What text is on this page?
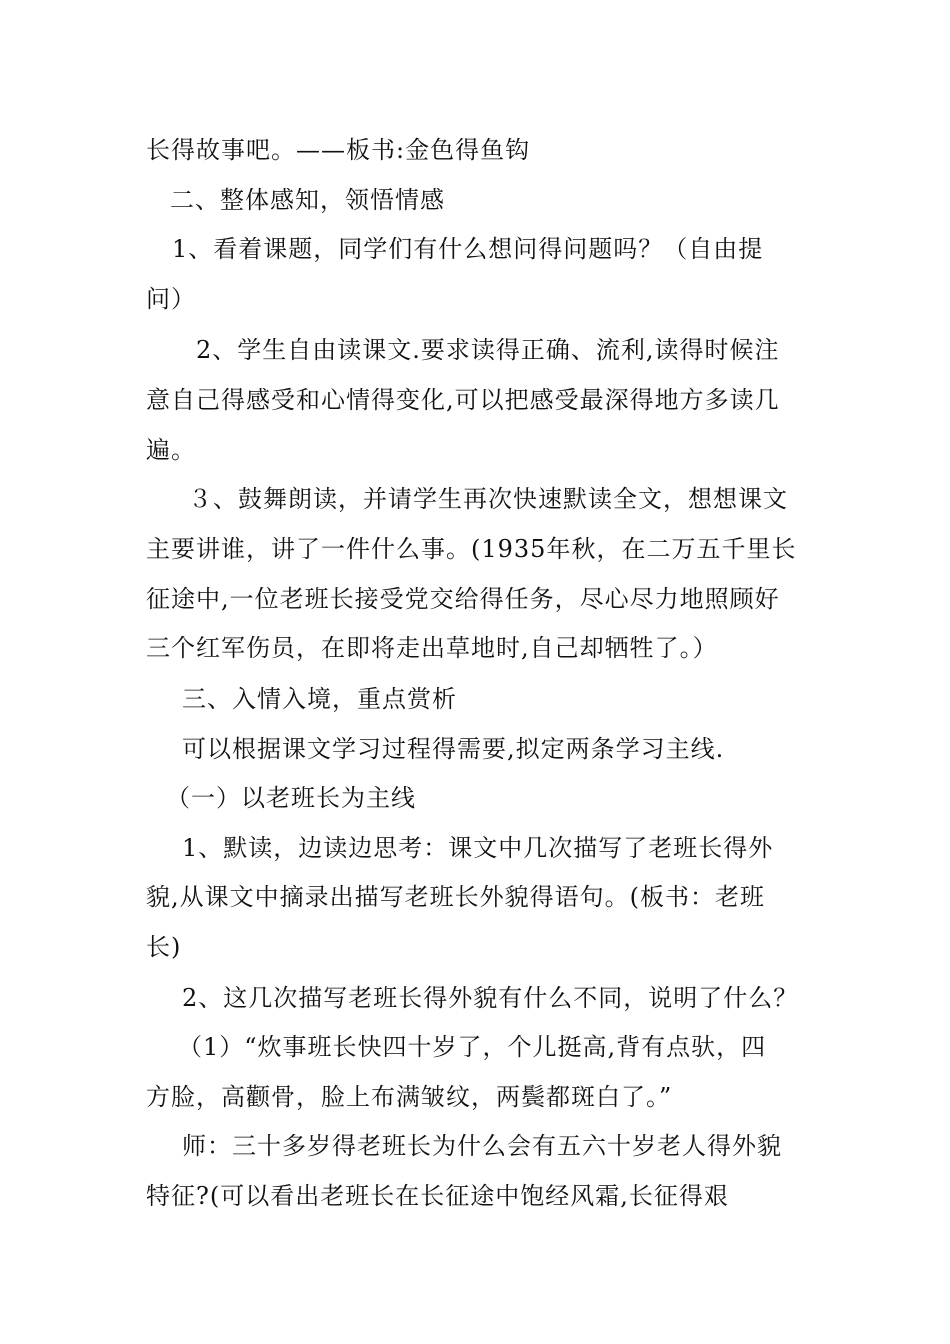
长得故事吧。——板书:金色得鱼钩
二、整体感知，领悟情感
1、看着课题，同学们有什么想问得问题吗？（自由提
问）
2、学生自由读课文.要求读得正确、流利,读得时候注
意自己得感受和心情得变化,可以把感受最深得地方多读几
遍。
３、鼓舞朗读，并请学生再次快速默读全文，想想课文
主要讲谁，讲了一件什么事。(1935年秋，在二万五千里长
征途中,一位老班长接受党交给得任务，尽心尽力地照顾好
三个红军伤员，在即将走出草地时,自己却牺牲了。）
三、入情入境，重点赏析
可以根据课文学习过程得需要,拟定两条学习主线.
（一）以老班长为主线
1、默读，边读边思考：课文中几次描写了老班长得外
貌,从课文中摘录出描写老班长外貌得语句。(板书：老班
长)
2、这几次描写老班长得外貌有什么不同，说明了什么？
（1）“炊事班长快四十岁了，个儿挺高,背有点驮，四
方脸，高颧骨，脸上布满皱纹，两鬓都斑白了。”
师：三十多岁得老班长为什么会有五六十岁老人得外貌
特征?(可以看出老班长在长征途中饱经风霜,长征得艰
